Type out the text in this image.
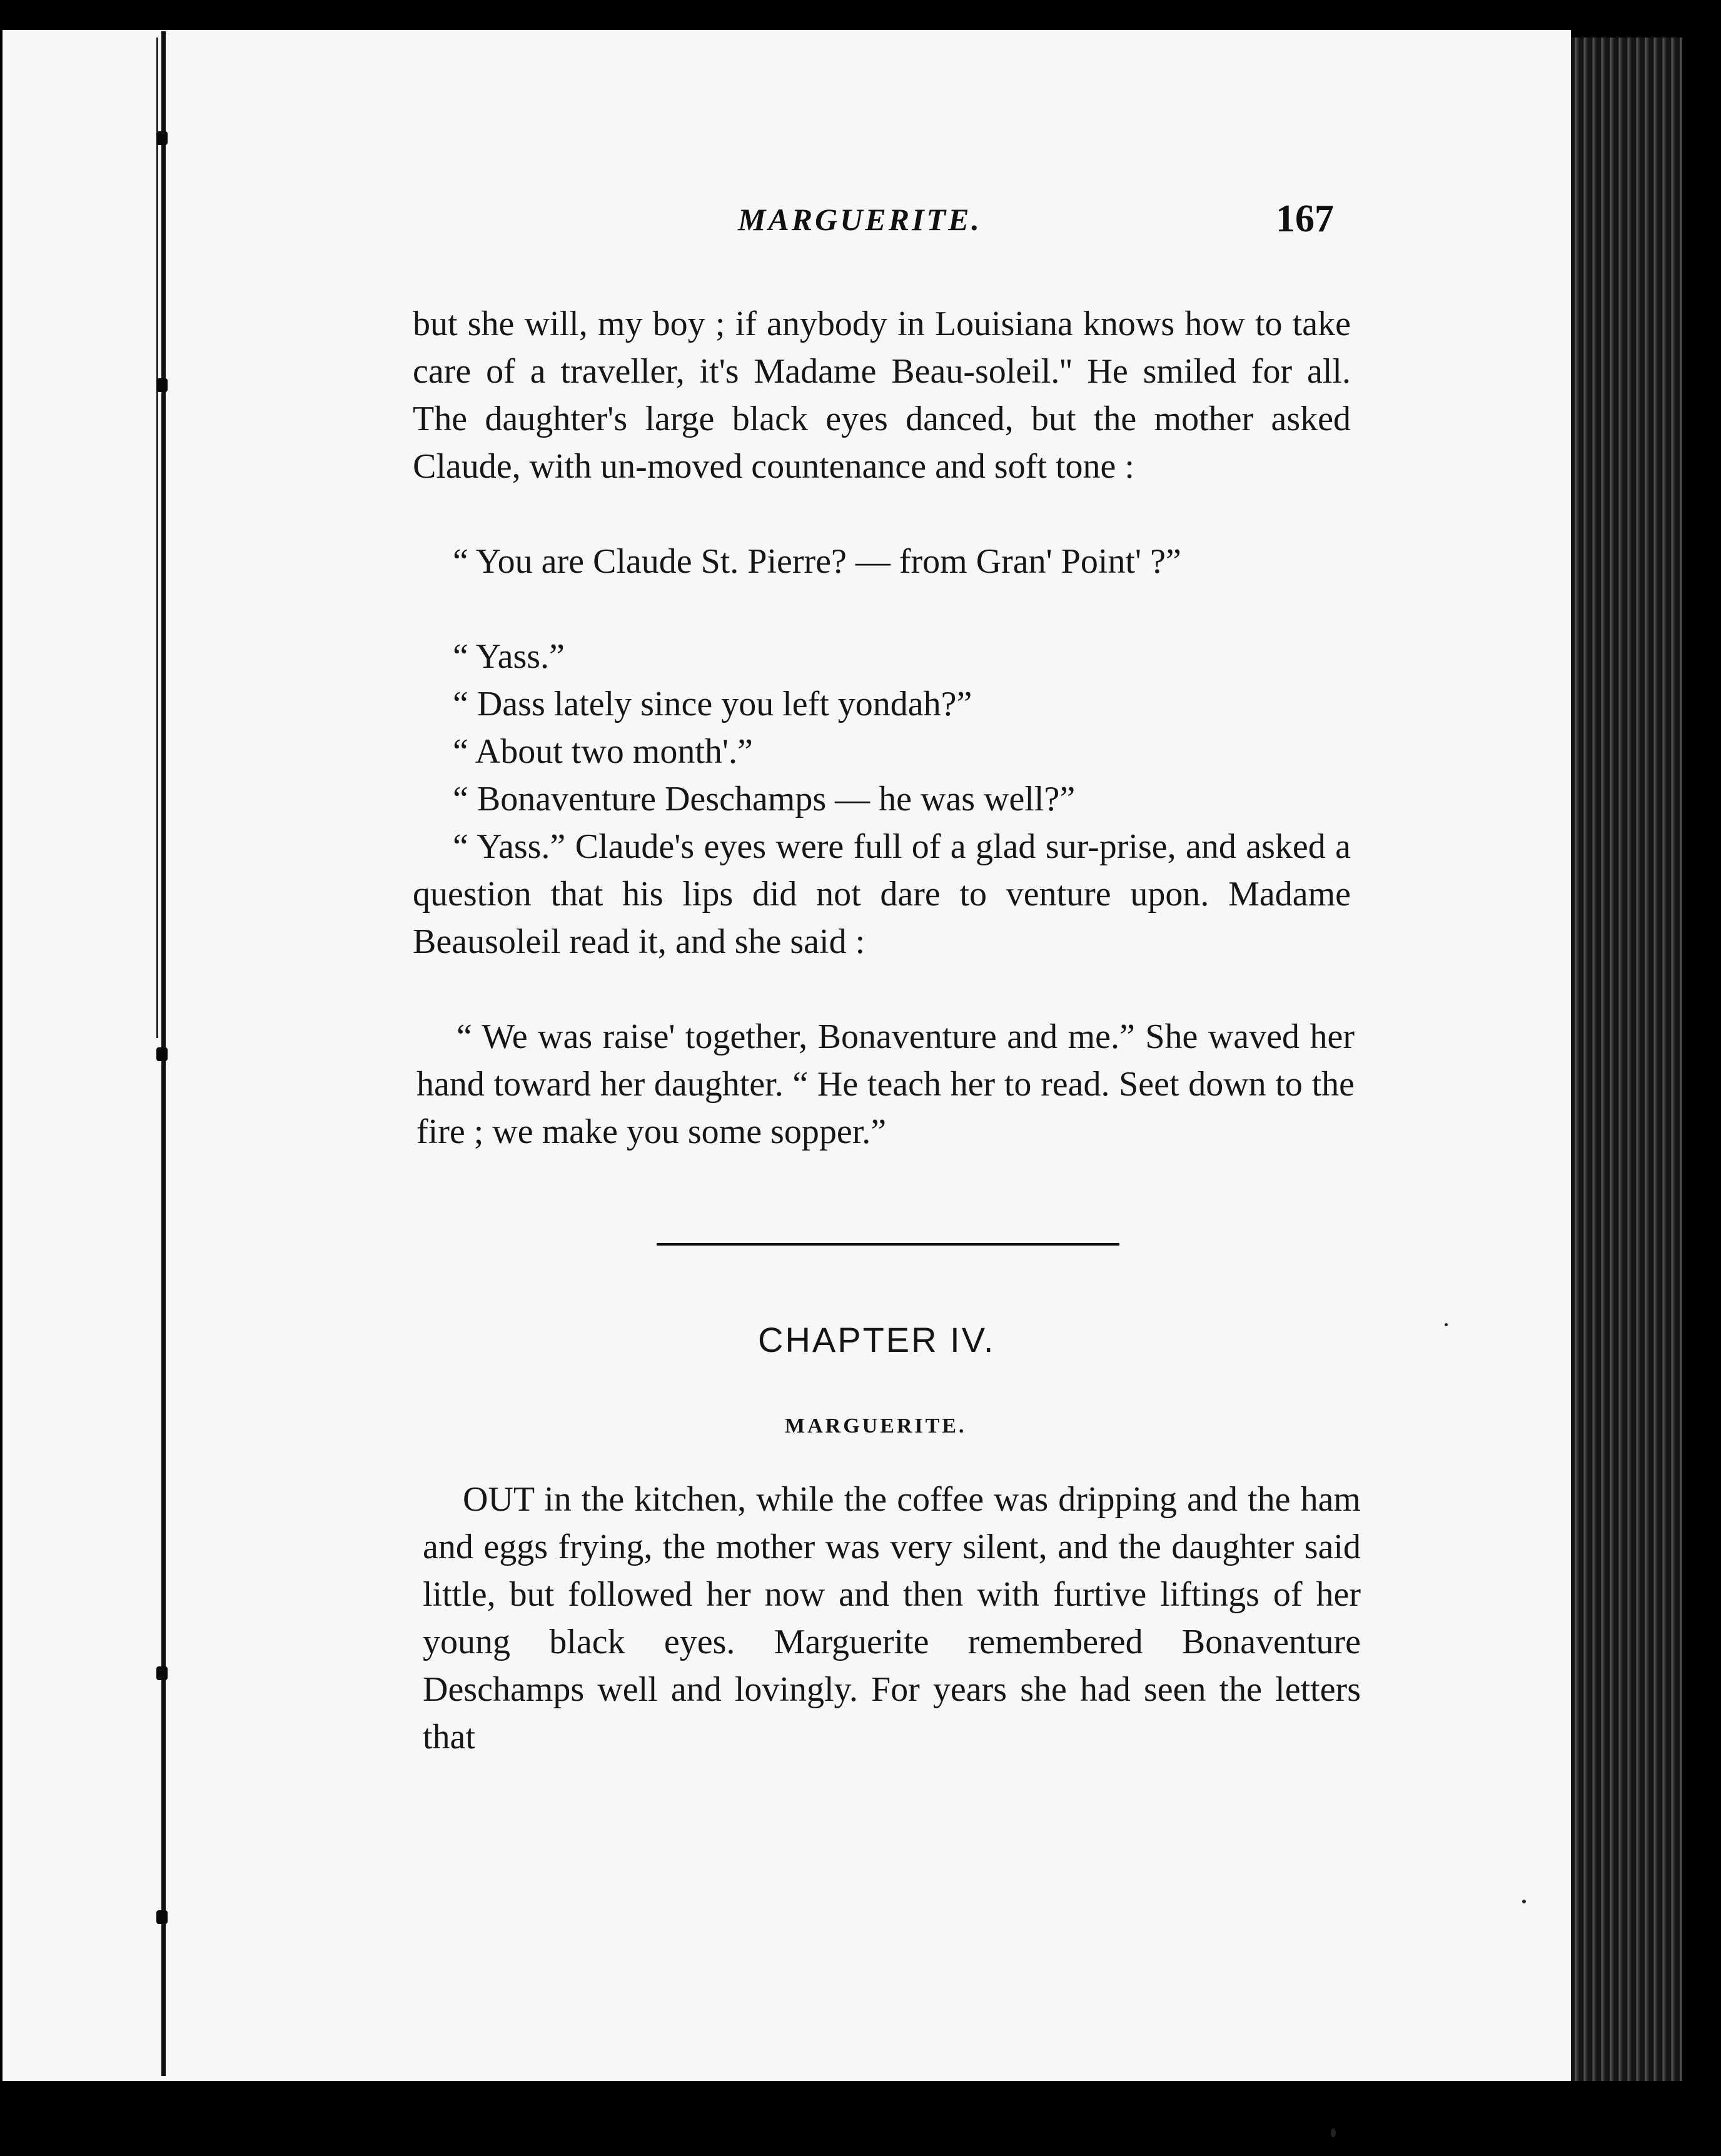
MARGUERITE.	167

but she will, my boy ; if anybody in Louisiana knows how to take care of a traveller, it's Madame Beau-soleil.'' He smiled for all. The daughter's large black eyes danced, but the mother asked Claude, with un-moved countenance and soft tone :

“ You are Claude St. Pierre? — from Gran' Point' ?”

“ Yass.”

“ Dass lately since you left yondah?”

“ About two month'.”

“ Bonaventure Deschamps — he was well?”

“ Yass.” Claude's eyes were full of a glad sur-prise, and asked a question that his lips did not dare to venture upon. Madame Beausoleil read it, and she said :

“ We was raise' together, Bonaventure and me.” She waved her hand toward her daughter. “ He teach her to read. Seet down to the fire ; we make you some sopper.”

CHAPTER IV.
MARGUERITE.

OUT in the kitchen, while the coffee was dripping and the ham and eggs frying, the mother was very silent, and the daughter said little, but followed her now and then with furtive liftings of her young black eyes. Marguerite remembered Bonaventure Deschamps well and lovingly. For years she had seen the letters that
